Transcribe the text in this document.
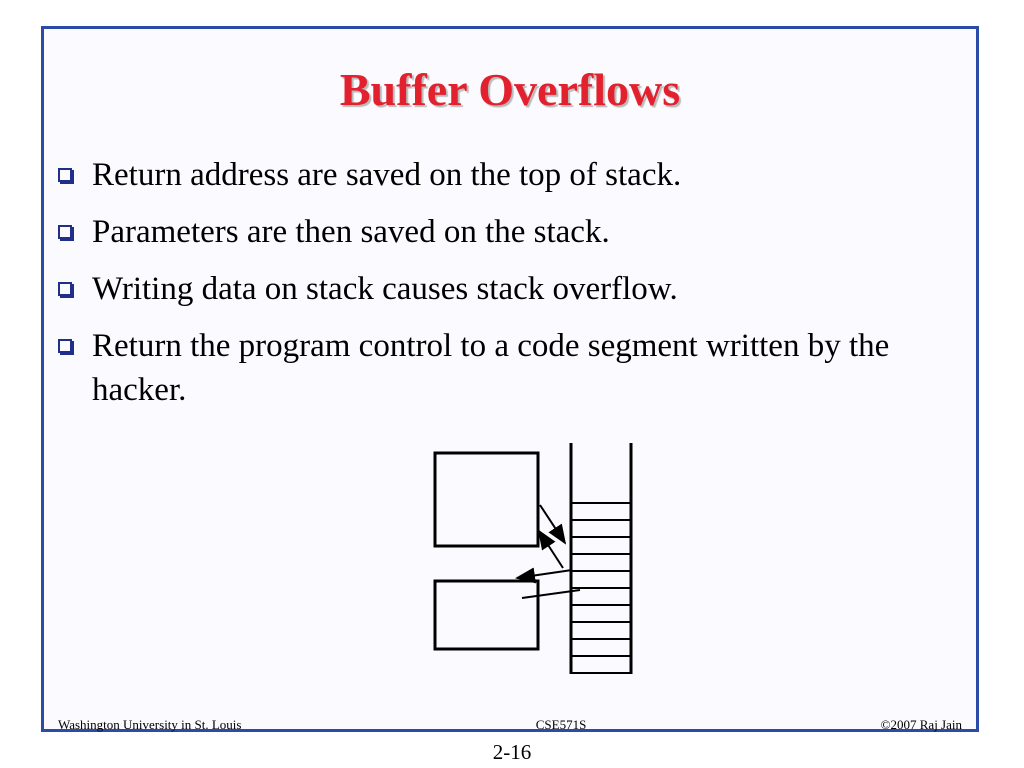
Buffer Overflows
Return address are saved on the top of stack.
Parameters are then saved on the stack.
Writing data on stack causes stack overflow.
Return the program control to a code segment written by the hacker.
Washington University in St. Louis	CSE571S	©2007 Raj Jain
2-16
